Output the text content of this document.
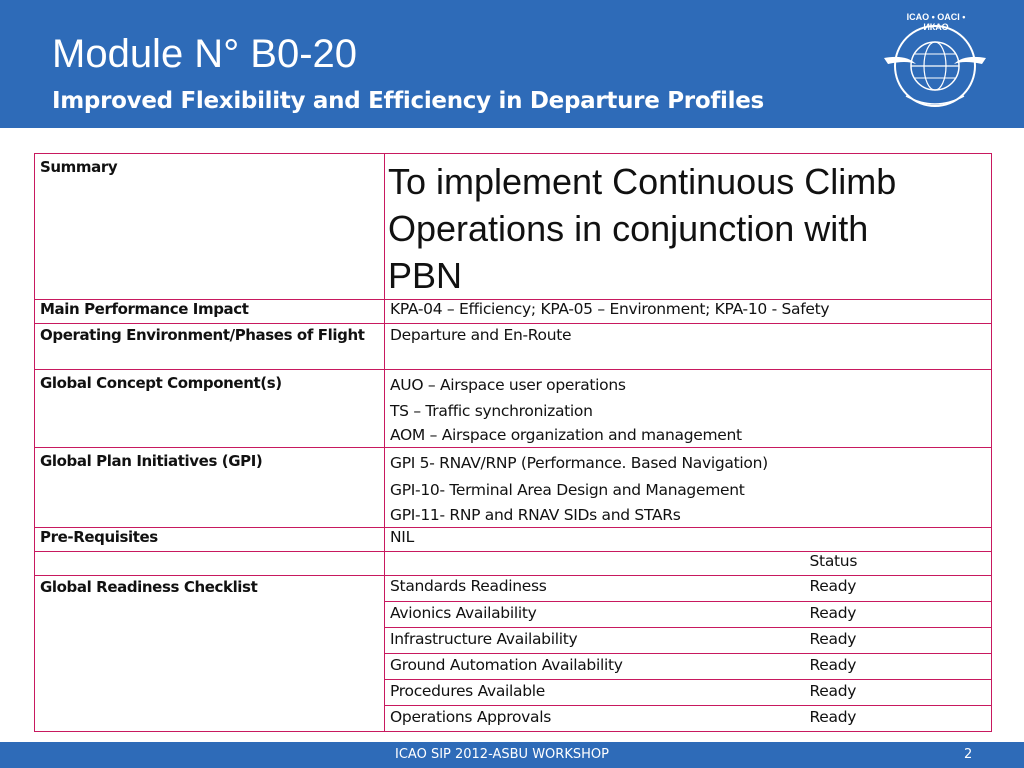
Module N° B0-20
Improved Flexibility and Efficiency in Departure Profiles
ICAO • OACI • ИКАО
Summary	To implement Continuous Climb
Operations in conjunction with
PBN	

Main Performance Impact	KPA-04 – Efficiency; KPA-05 – Environment; KPA-10 - Safety	
Operating Environment/Phases of Flight	Departure and En-Route	
Global Concept Component(s)	AUO – Airspace user operations
TS – Traffic synchronization
AOM – Airspace organization and management	

Global Plan Initiatives (GPI)	GPI 5- RNAV/RNP (Performance. Based Navigation)
GPI-10- Terminal Area Design and Management
GPI-11- RNP and RNAV SIDs and STARs	

Pre-Requisites	NIL	
		Status
Global Readiness Checklist	Standards Readiness	Ready
	Avionics Availability	Ready
	Infrastructure Availability	Ready
	Ground Automation Availability	Ready
	Procedures Available	Ready
	Operations Approvals	Ready
ICAO SIP 2012-ASBU WORKSHOP	2
